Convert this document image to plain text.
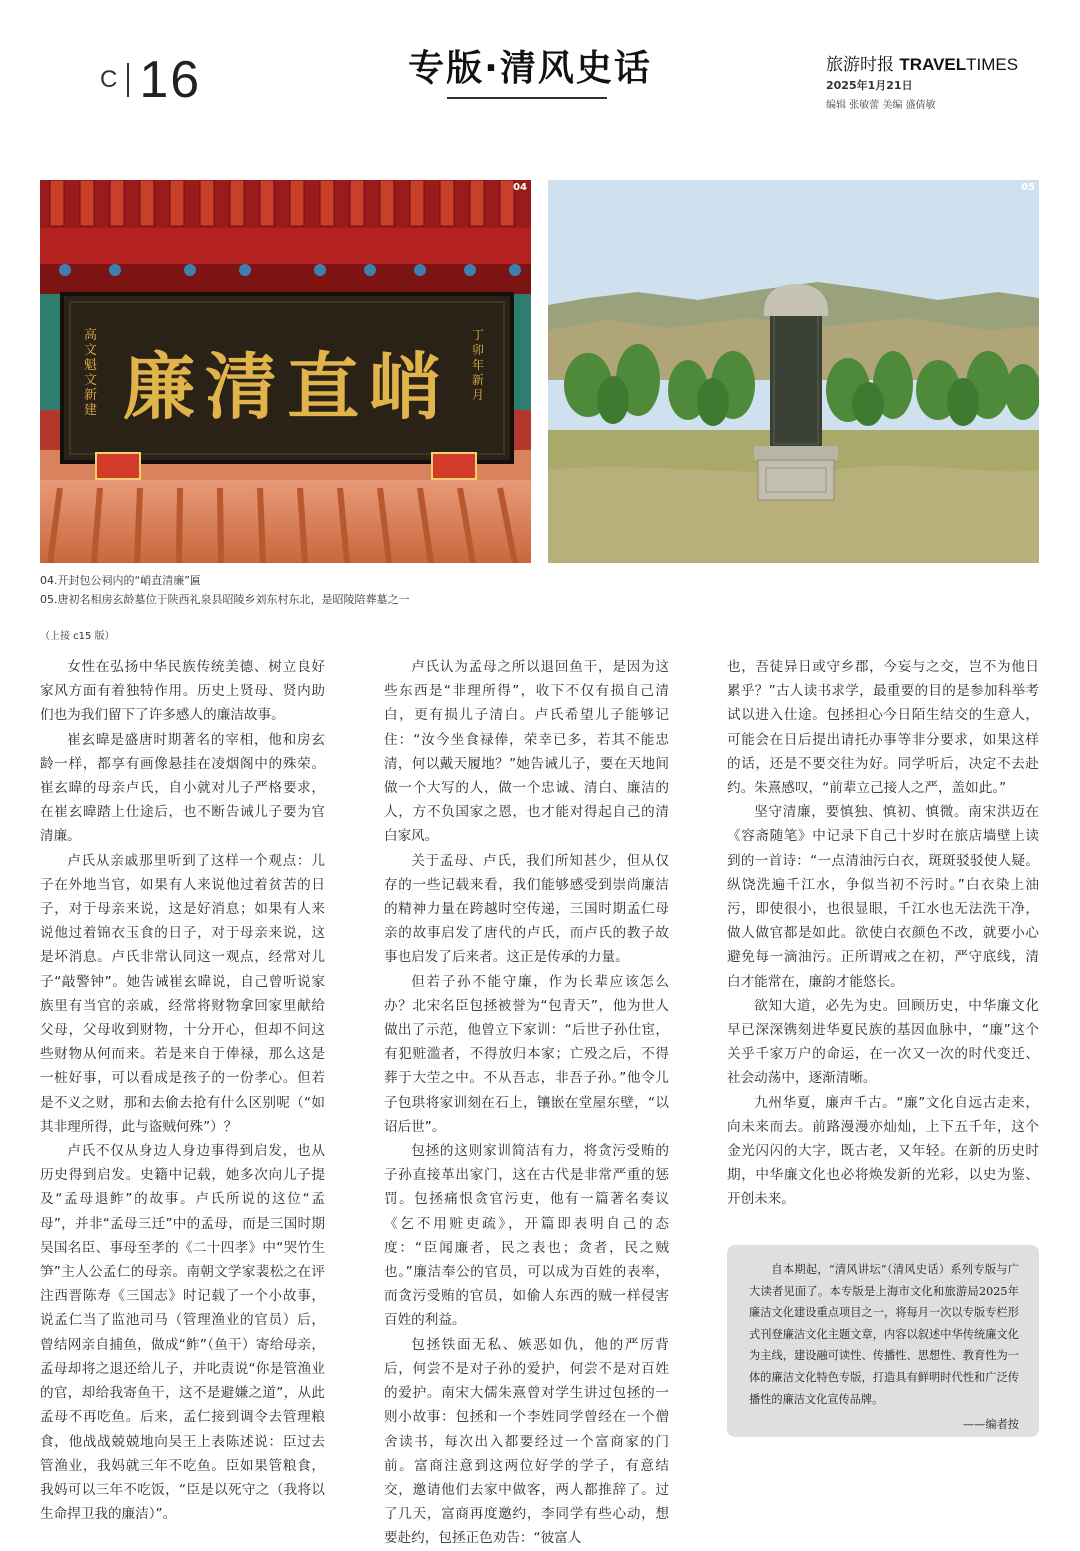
C 16	专版·清风史话	旅游时报 TRAVELTIMES
2025年1月21日
编辑 张敏蕾 美编 盛倩敏
廉清直峭
高文魁文 新建
丁卯年新月
04	05
04.开封包公祠内的“峭直清廉”匾
05.唐初名相房玄龄墓位于陕西礼泉县昭陵乡刘东村东北，是昭陵陪葬墓之一
（上接 c15 版）

女性在弘扬中华民族传统美德、树立良好家风方面有着独特作用。历史上贤母、贤内助们也为我们留下了许多感人的廉洁故事。

崔玄暐是盛唐时期著名的宰相，他和房玄龄一样，都享有画像悬挂在凌烟阁中的殊荣。崔玄暐的母亲卢氏，自小就对儿子严格要求，在崔玄暐踏上仕途后，也不断告诫儿子要为官清廉。

卢氏从亲戚那里听到了这样一个观点：儿子在外地当官，如果有人来说他过着贫苦的日子，对于母亲来说，这是好消息；如果有人来说他过着锦衣玉食的日子，对于母亲来说，这是坏消息。卢氏非常认同这一观点，经常对儿子“敲警钟”。她告诫崔玄暐说，自己曾听说家族里有当官的亲戚，经常将财物拿回家里献给父母，父母收到财物，十分开心，但却不问这些财物从何而来。若是来自于俸禄，那么这是一桩好事，可以看成是孩子的一份孝心。但若是不义之财，那和去偷去抢有什么区别呢（“如其非理所得，此与盗贼何殊”）？

卢氏不仅从身边人身边事得到启发，也从历史得到启发。史籍中记载，她多次向儿子提及“孟母退鲊”的故事。卢氏所说的这位“孟母”，并非“孟母三迁”中的孟母，而是三国时期吴国名臣、事母至孝的《二十四孝》中“哭竹生笋”主人公孟仁的母亲。南朝文学家裴松之在评注西晋陈寿《三国志》时记载了一个小故事，说孟仁当了监池司马（管理渔业的官员）后，曾结网亲自捕鱼，做成“鲊”（鱼干）寄给母亲，孟母却将之退还给儿子，并叱责说“你是管渔业的官，却给我寄鱼干，这不是避嫌之道”，从此孟母不再吃鱼。后来，孟仁接到调令去管理粮食，他战战兢兢地向吴王上表陈述说：臣过去管渔业，我妈就三年不吃鱼。臣如果管粮食，我妈可以三年不吃饭，“臣是以死守之（我将以生命捍卫我的廉洁）”。

卢氏认为孟母之所以退回鱼干，是因为这些东西是“非理所得”，收下不仅有损自己清白，更有损儿子清白。卢氏希望儿子能够记住：“汝今坐食禄俸，荣幸已多，若其不能忠清，何以戴天履地？”她告诫儿子，要在天地间做一个大写的人，做一个忠诚、清白、廉洁的人，方不负国家之恩，也才能对得起自己的清白家风。

关于孟母、卢氏，我们所知甚少，但从仅存的一些记载来看，我们能够感受到崇尚廉洁的精神力量在跨越时空传递，三国时期孟仁母亲的故事启发了唐代的卢氏，而卢氏的教子故事也启发了后来者。这正是传承的力量。

但若子孙不能守廉，作为长辈应该怎么办？北宋名臣包拯被誉为“包青天”，他为世人做出了示范，他曾立下家训：“后世子孙仕宦，有犯赃滥者，不得放归本家；亡殁之后，不得葬于大茔之中。不从吾志，非吾子孙。”他令儿子包珙将家训刻在石上，镶嵌在堂屋东壁，“以诏后世”。

包拯的这则家训简洁有力，将贪污受贿的子孙直接革出家门，这在古代是非常严重的惩罚。包拯痛恨贪官污吏，他有一篇著名奏议《乞不用赃吏疏》，开篇即表明自己的态度：“臣闻廉者，民之表也；贪者，民之贼也。”廉洁奉公的官员，可以成为百姓的表率，而贪污受贿的官员，如偷人东西的贼一样侵害百姓的利益。

包拯铁面无私、嫉恶如仇，他的严厉背后，何尝不是对子孙的爱护，何尝不是对百姓的爱护。南宋大儒朱熹曾对学生讲过包拯的一则小故事：包拯和一个李姓同学曾经在一个僧舍读书，每次出入都要经过一个富商家的门前。富商注意到这两位好学的学子，有意结交，邀请他们去家中做客，两人都推辞了。过了几天，富商再度邀约，李同学有些心动，想要赴约，包拯正色劝告：“彼富人

也，吾徒异日或守乡郡，今妄与之交，岂不为他日累乎？”古人读书求学，最重要的目的是参加科举考试以进入仕途。包拯担心今日陌生结交的生意人，可能会在日后提出请托办事等非分要求，如果这样的话，还是不要交往为好。同学听后，决定不去赴约。朱熹感叹，“前辈立己接人之严，盖如此。”

坚守清廉，要慎独、慎初、慎微。南宋洪迈在《容斋随笔》中记录下自己十岁时在旅店墙壁上读到的一首诗：“一点清油污白衣，斑斑驳驳使人疑。纵饶洗遍千江水，争似当初不污时。”白衣染上油污，即使很小，也很显眼，千江水也无法洗干净，做人做官都是如此。欲使白衣颜色不改，就要小心避免每一滴油污。正所谓戒之在初，严守底线，清白才能常在，廉韵才能悠长。

欲知大道，必先为史。回顾历史，中华廉文化早已深深镌刻进华夏民族的基因血脉中，“廉”这个关乎千家万户的命运，在一次又一次的时代变迁、社会动荡中，逐渐清晰。

九州华夏，廉声千古。“廉”文化自远古走来，向未来而去。前路漫漫亦灿灿，上下五千年，这个金光闪闪的大字，既古老，又年轻。在新的历史时期，中华廉文化也必将焕发新的光彩，以史为鉴、开创未来。

自本期起，“清风讲坛”（清风史话）系列专版与广大读者见面了。本专版是上海市文化和旅游局2025年廉洁文化建设重点项目之一，将每月一次以专版专栏形式刊登廉洁文化主题文章，内容以叙述中华传统廉文化为主线，建设融可读性、传播性、思想性、教育性为一体的廉洁文化特色专版，打造具有鲜明时代性和广泛传播性的廉洁文化宣传品牌。

——编者按
